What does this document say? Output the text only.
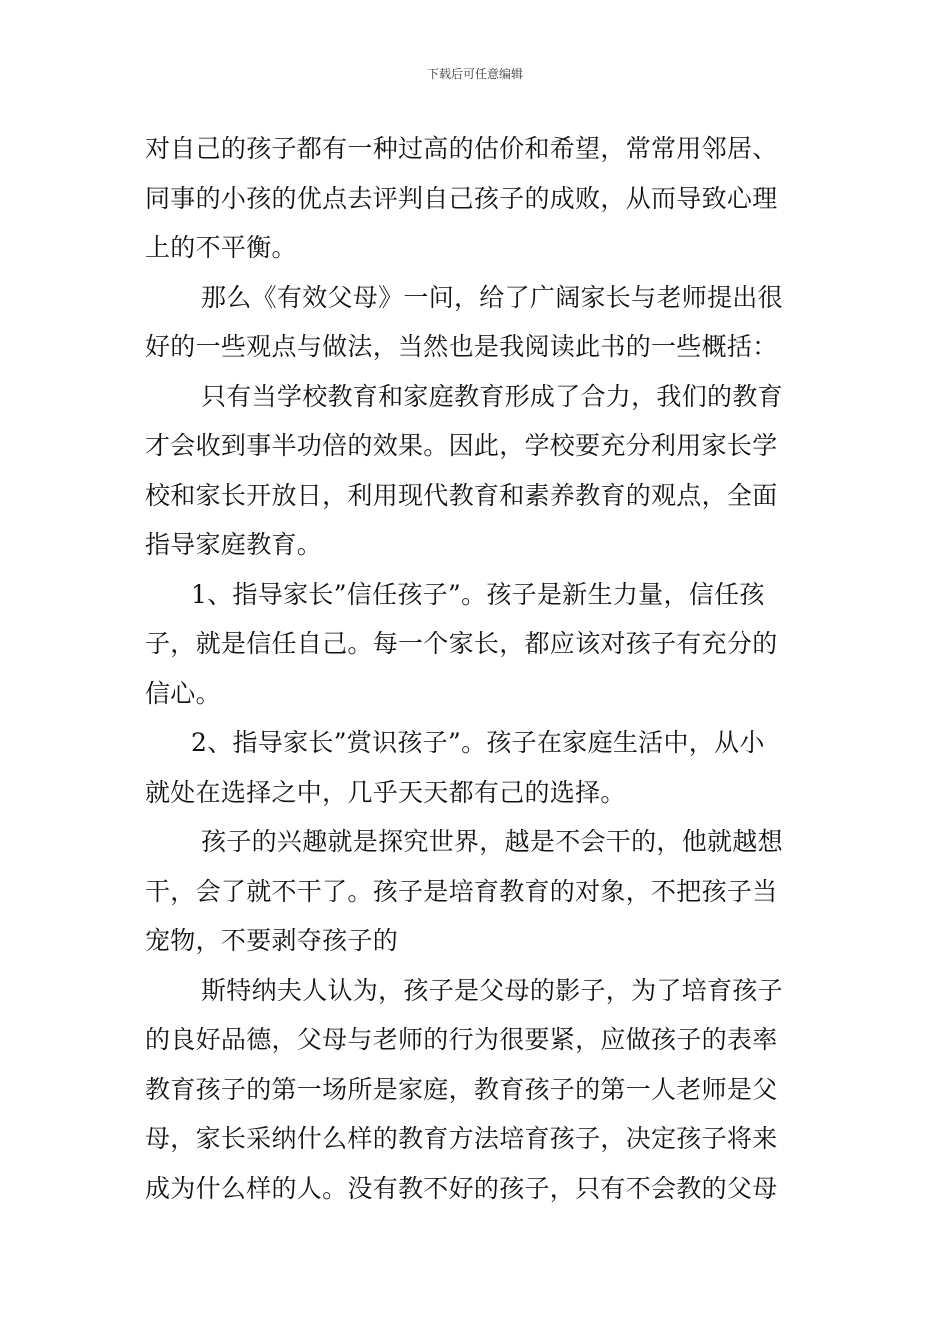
下载后可任意编辑
对自己的孩子都有一种过高的估价和希望，常常用邻居、
同事的小孩的优点去评判自己孩子的成败，从而导致心理
上的不平衡。
那么《有效父母》一问，给了广阔家长与老师提出很
好的一些观点与做法，当然也是我阅读此书的一些概括：
只有当学校教育和家庭教育形成了合力，我们的教育
才会收到事半功倍的效果。因此，学校要充分利用家长学
校和家长开放日，利用现代教育和素养教育的观点，全面
指导家庭教育。
1、指导家长”信任孩子”。孩子是新生力量，信任孩
子，就是信任自己。每一个家长，都应该对孩子有充分的
信心。
2、指导家长”赏识孩子”。孩子在家庭生活中，从小
就处在选择之中，几乎天天都有己的选择。
孩子的兴趣就是探究世界，越是不会干的，他就越想
干，会了就不干了。孩子是培育教育的对象，不把孩子当
宠物，不要剥夺孩子的
斯特纳夫人认为，孩子是父母的影子，为了培育孩子
的良好品德，父母与老师的行为很要紧，应做孩子的表率
教育孩子的第一场所是家庭，教育孩子的第一人老师是父
母，家长采纳什么样的教育方法培育孩子，决定孩子将来
成为什么样的人。没有教不好的孩子，只有不会教的父母
